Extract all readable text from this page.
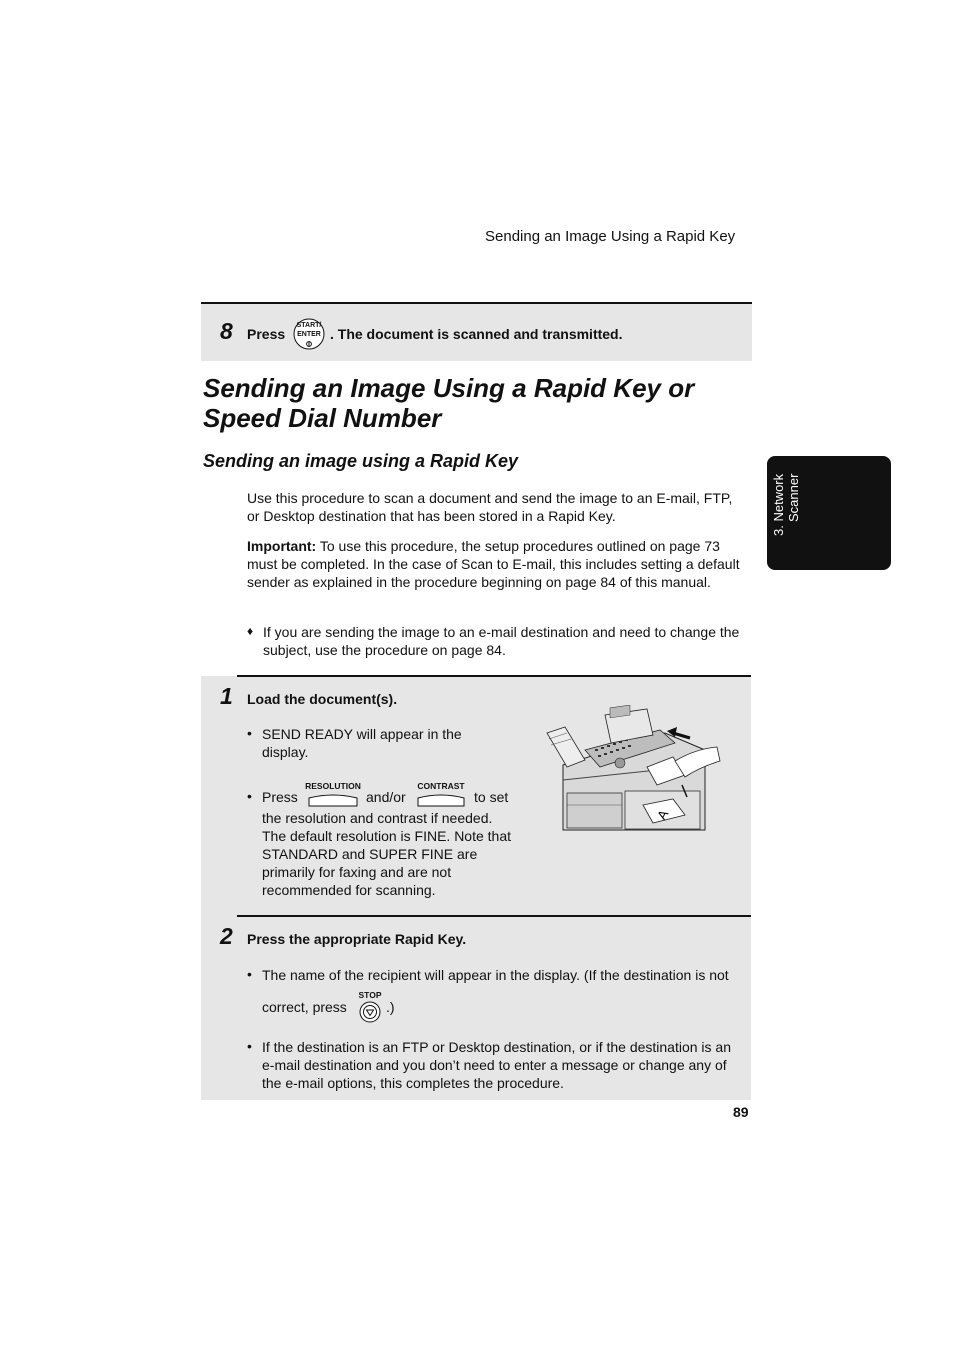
Sending an Image Using a Rapid Key
8 Press
START/
ENTER . The document is scanned and transmitted.
Sending an Image Using a Rapid Key or Speed Dial Number
Sending an image using a Rapid Key
Use this procedure to scan a document and send the image to an E-mail, FTP, or Desktop destination that has been stored in a Rapid Key.
Important: To use this procedure, the setup procedures outlined on page 73 must be completed. In the case of Scan to E-mail, this includes setting a default sender as explained in the procedure beginning on page 84 of this manual.
♦ If you are sending the image to an e-mail destination and need to change the subject, use the procedure on page 84.
1 Load the document(s).
• SEND READY will appear in the display.
• Press
RESOLUTION
and/or
CONTRAST
to set
the resolution and contrast if needed. The default resolution is FINE. Note that STANDARD and SUPER FINE are primarily for faxing and are not recommended for scanning.
A
2 Press the appropriate Rapid Key.
• The name of the recipient will appear in the display. (If the destination is not
correct, press
STOP
.)
• If the destination is an FTP or Desktop destination, or if the destination is an e-mail destination and you don’t need to enter a message or change any of the e-mail options, this completes the procedure.
3. Network Scanner
89
